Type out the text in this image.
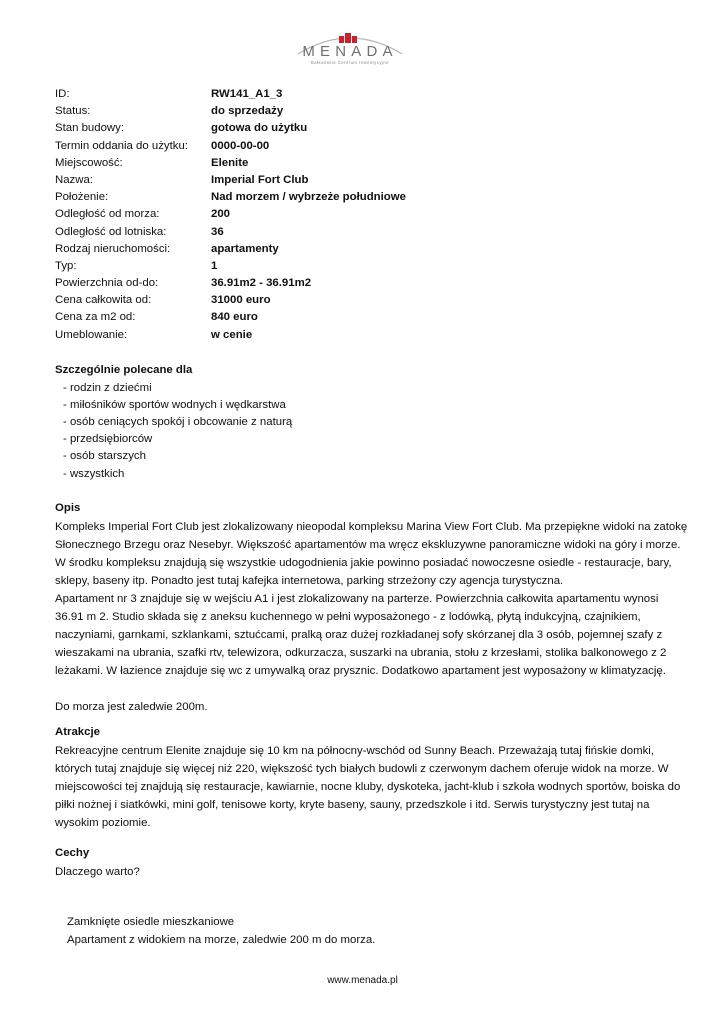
MENADA
Bałkańskie Centrum Inwestycyjne
ID:	RW141_A1_3
Status:	do sprzedaży
Stan budowy:	gotowa do użytku
Termin oddania do użytku: 0000-00-00
Miejscowość:	Elenite
Nazwa:	Imperial Fort Club
Położenie:	Nad morzem / wybrzeże południowe
Odległość od morza:	200
Odległość od lotniska:	36
Rodzaj nieruchomości:	apartamenty
Typ:	1
Powierzchnia od-do:	36.91m2 - 36.91m2
Cena całkowita od:	31000 euro
Cena za m2 od:	840 euro
Umeblowanie:	w cenie
Szczególnie polecane dla
- rodzin z dziećmi
- miłośników sportów wodnych i wędkarstwa
- osób ceniących spokój i obcowanie z naturą
- przedsiębiorców
- osób starszych
- wszystkich
Opis

Kompleks Imperial Fort Club jest zlokalizowany nieopodal kompleksu Marina View Fort Club. Ma przepiękne widoki na zatokę

Słonecznego Brzegu oraz Nesebyr. Większość apartamentów ma wręcz ekskluzywne panoramiczne widoki na góry i morze.

W środku kompleksu znajdują się wszystkie udogodnienia jakie powinno posiadać nowoczesne osiedle - restauracje, bary,

sklepy, baseny itp. Ponadto jest tutaj kafejka internetowa, parking strzeżony czy agencja turystyczna.

Apartament nr 3 znajduje się w wejściu A1 i jest zlokalizowany na parterze. Powierzchnia całkowita apartamentu wynosi

36.91 m 2. Studio składa się z aneksu kuchennego w pełni wyposażonego - z lodówką, płytą indukcyjną, czajnikiem,

naczyniami, garnkami, szklankami, sztućcami, pralką oraz dużej rozkładanej sofy skórzanej dla 3 osób, pojemnej szafy z

wieszakami na ubrania, szafki rtv, telewizora, odkurzacza, suszarki na ubrania, stołu z krzesłami, stolika balkonowego z 2

leżakami. W łazience znajduje się wc z umywalką oraz prysznic. Dodatkowo apartament jest wyposażony w klimatyzację.

Do morza jest zaledwie 200m.

Atrakcje

Rekreacyjne centrum Elenite znajduje się 10 km na północny-wschód od Sunny Beach. Przeważają tutaj fińskie domki,

których tutaj znajduje się więcej niż 220, większość tych białych budowli z czerwonym dachem oferuje widok na morze. W

miejscowości tej znajdują się restauracje, kawiarnie, nocne kluby, dyskoteka, jacht-klub i szkoła wodnych sportów, boiska do

piłki nożnej i siatkówki, mini golf, tenisowe korty, kryte baseny, sauny, przedszkole i itd. Serwis turystyczny jest tutaj na

wysokim poziomie.

Cechy

Dlaczego warto?

Zamknięte osiedle mieszkaniowe
Apartament z widokiem na morze, zaledwie 200 m do morza.
www.menada.pl
